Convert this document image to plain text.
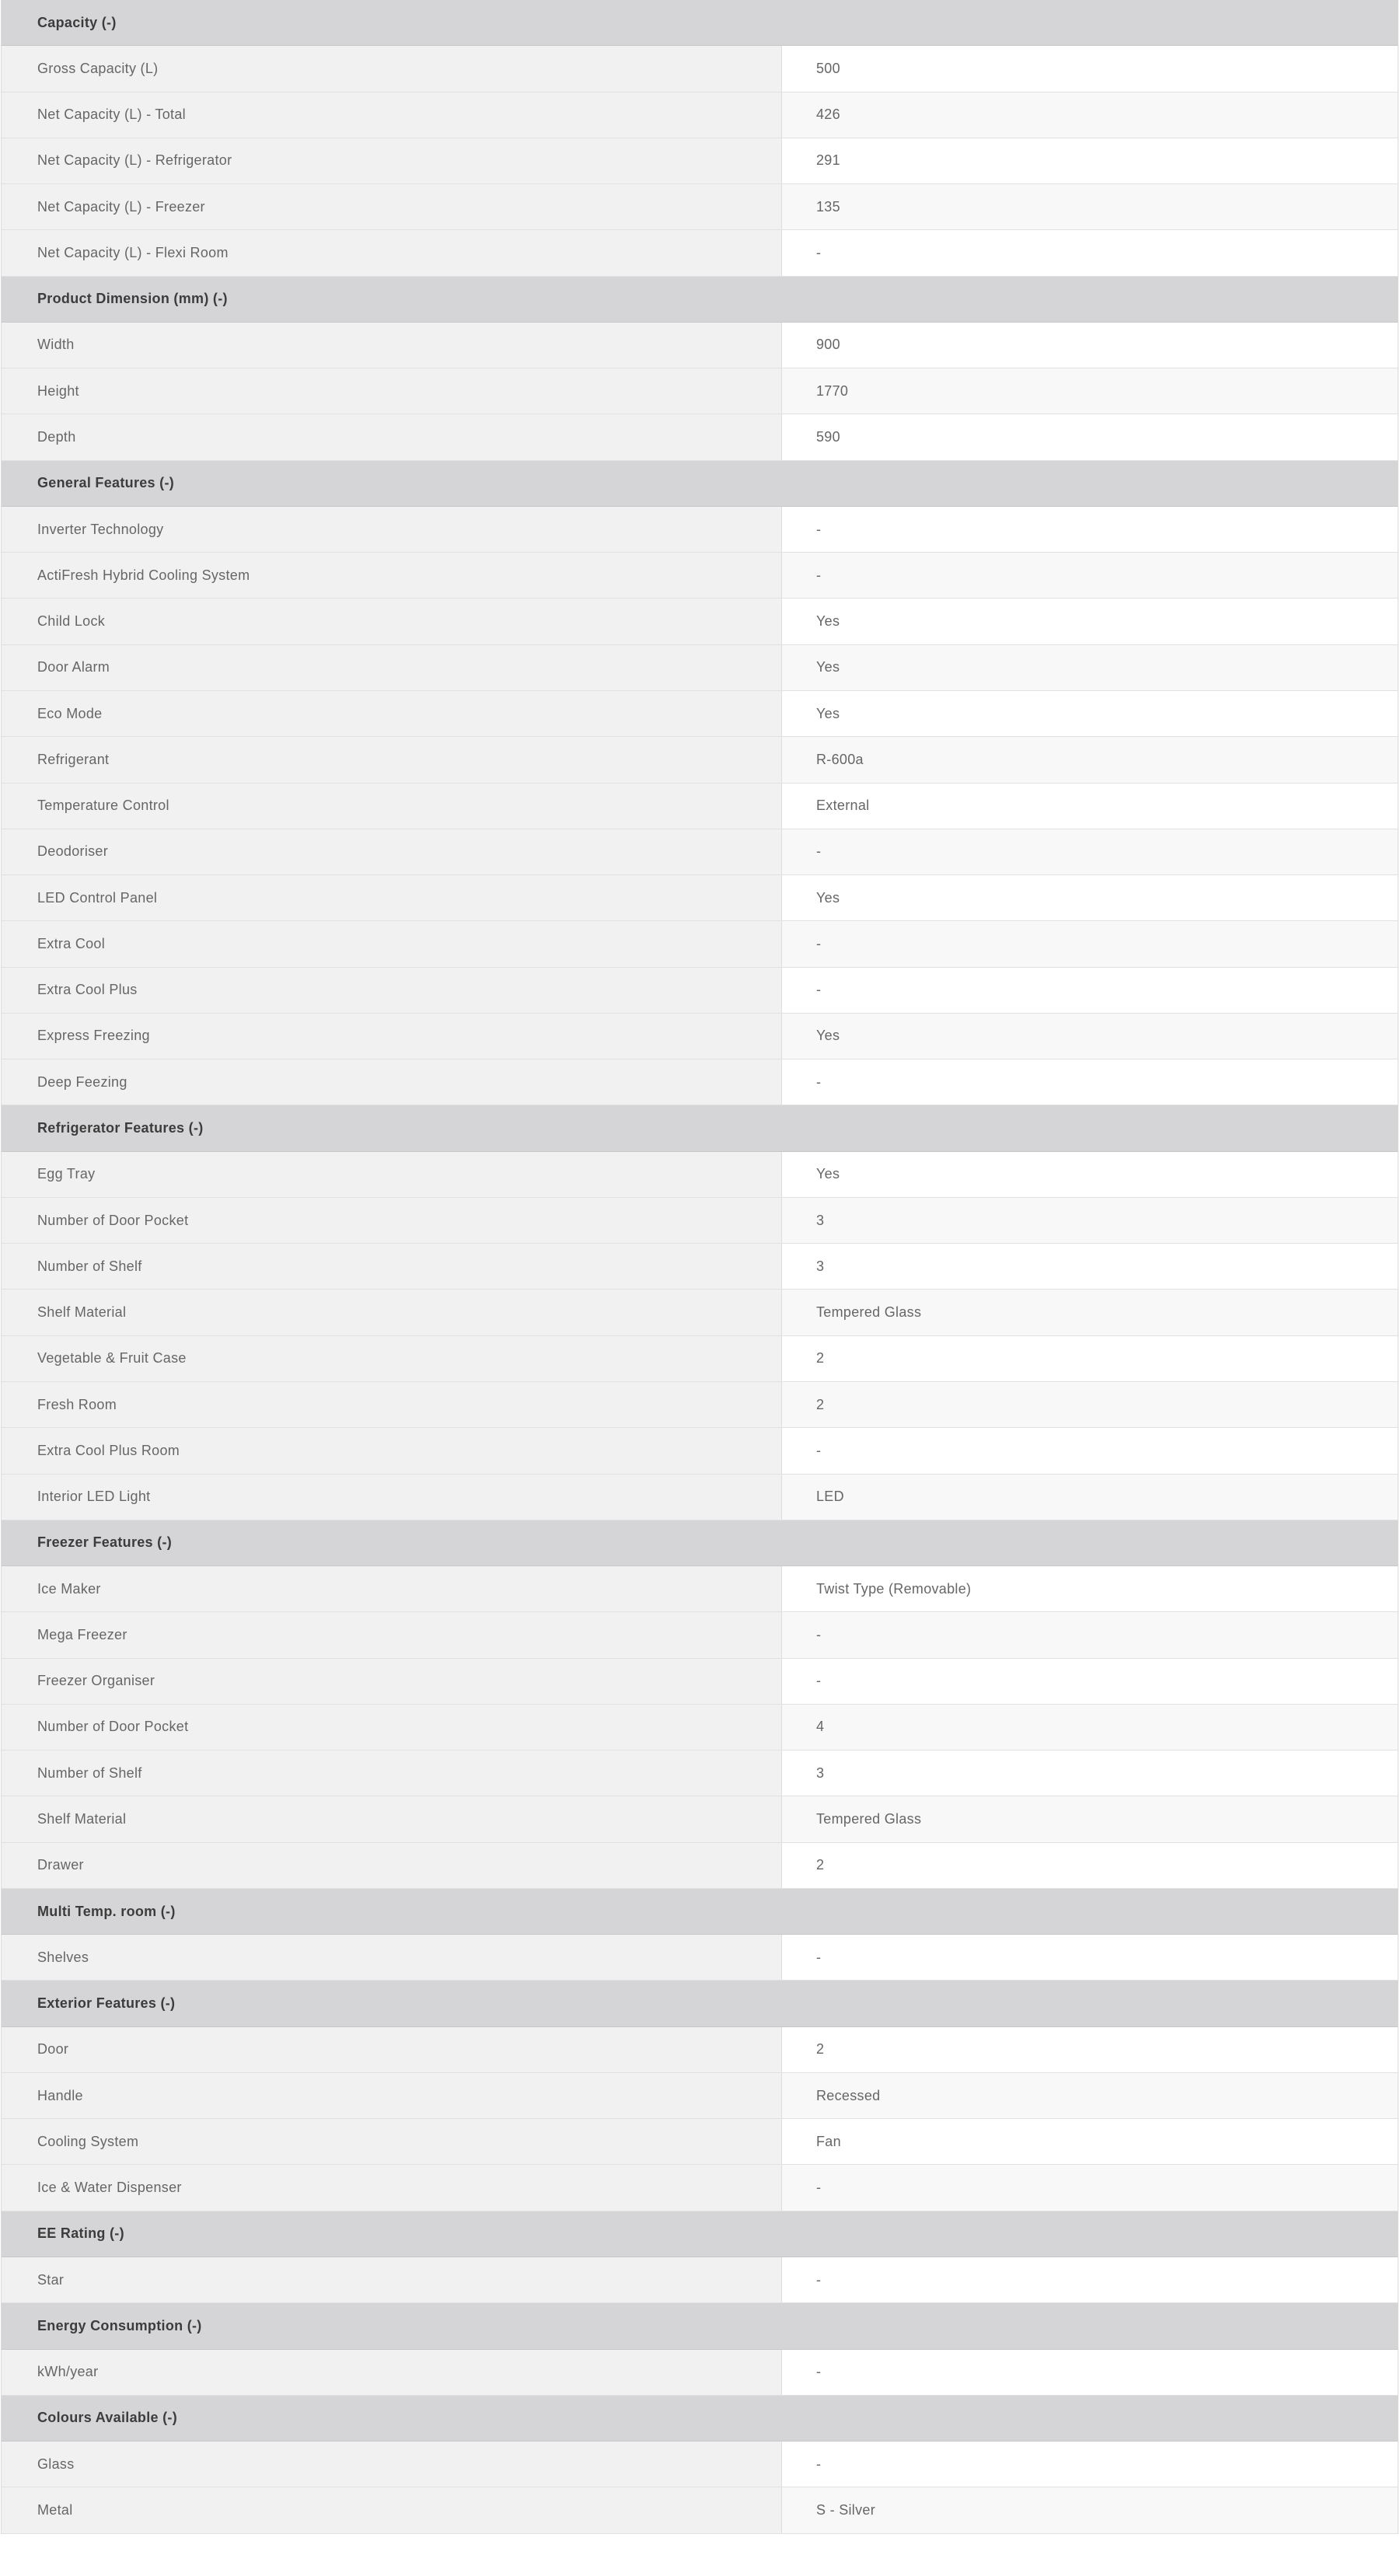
Capacity (-)
Gross Capacity (L)	500
Net Capacity (L) - Total	426
Net Capacity (L) - Refrigerator	291
Net Capacity (L) - Freezer	135
Net Capacity (L) - Flexi Room	-
Product Dimension (mm) (-)
Width	900
Height	1770
Depth	590
General Features (-)
Inverter Technology	-
ActiFresh Hybrid Cooling System	-
Child Lock	Yes
Door Alarm	Yes
Eco Mode	Yes
Refrigerant	R-600a
Temperature Control	External
Deodoriser	-
LED Control Panel	Yes
Extra Cool	-
Extra Cool Plus	-
Express Freezing	Yes
Deep Feezing	-
Refrigerator Features (-)
Egg Tray	Yes
Number of Door Pocket	3
Number of Shelf	3
Shelf Material	Tempered Glass
Vegetable & Fruit Case	2
Fresh Room	2
Extra Cool Plus Room	-
Interior LED Light	LED
Freezer Features (-)
Ice Maker	Twist Type (Removable)
Mega Freezer	-
Freezer Organiser	-
Number of Door Pocket	4
Number of Shelf	3
Shelf Material	Tempered Glass
Drawer	2
Multi Temp. room (-)
Shelves	-
Exterior Features (-)
Door	2
Handle	Recessed
Cooling System	Fan
Ice & Water Dispenser	-
EE Rating (-)
Star	-
Energy Consumption (-)
kWh/year	-
Colours Available (-)
Glass	-
Metal	S - Silver
